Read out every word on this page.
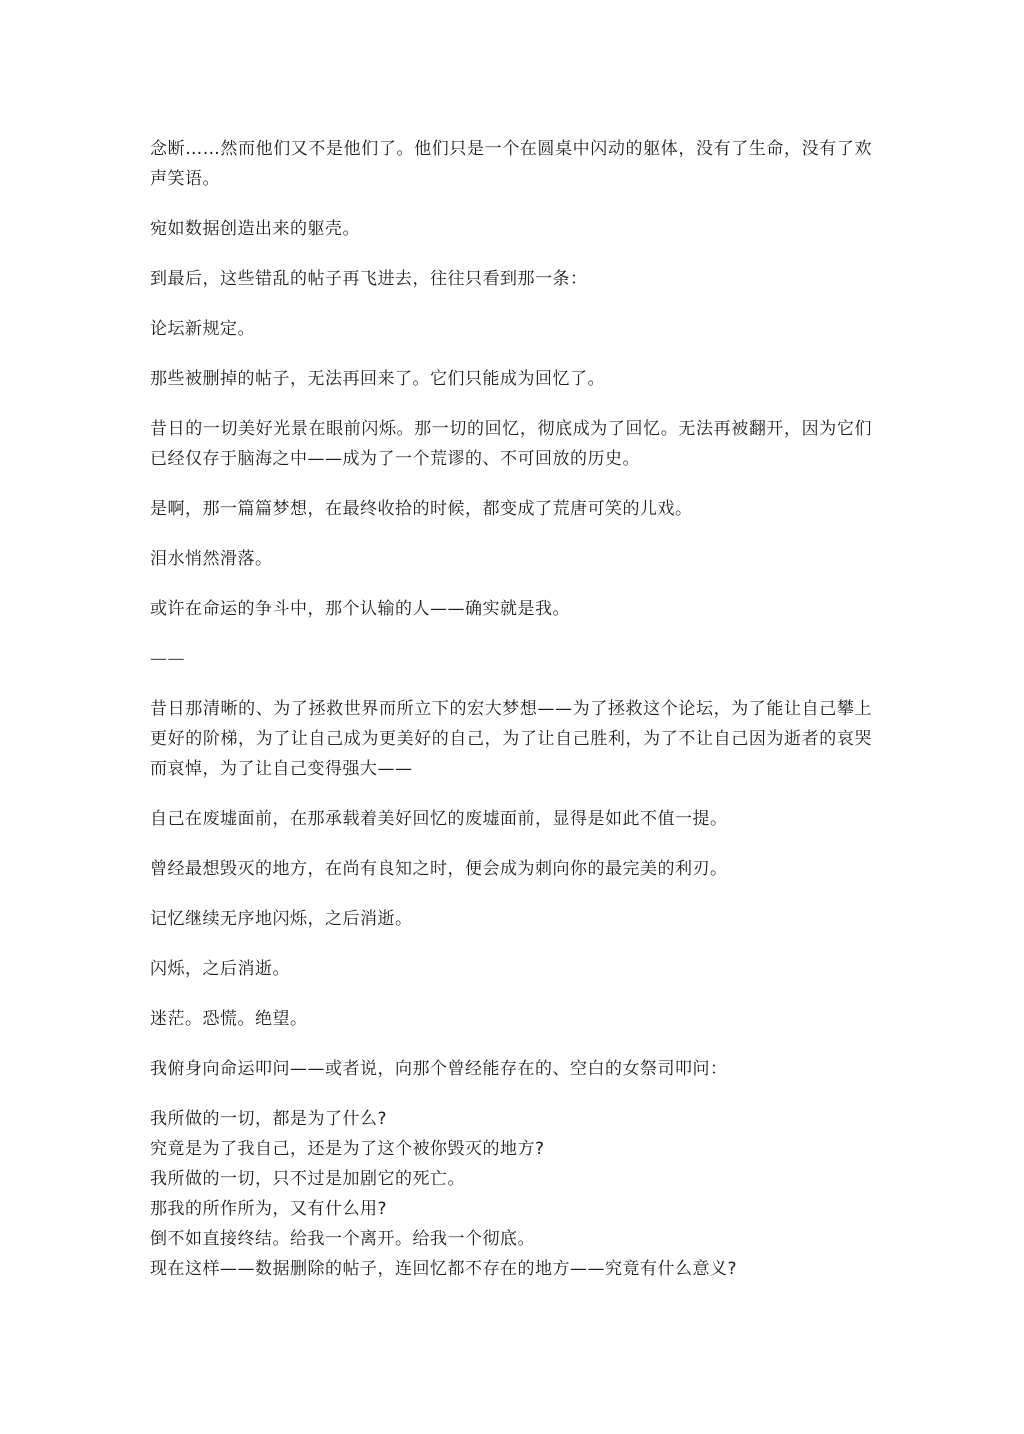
念断……然而他们又不是他们了。他们只是一个在圆桌中闪动的躯体，没有了生命，没有了欢声笑语。

宛如数据创造出来的躯壳。

到最后，这些错乱的帖子再飞进去，往往只看到那一条：

论坛新规定。

那些被删掉的帖子，无法再回来了。它们只能成为回忆了。

昔日的一切美好光景在眼前闪烁。那一切的回忆，彻底成为了回忆。无法再被翻开，因为它们已经仅存于脑海之中——成为了一个荒谬的、不可回放的历史。

是啊，那一篇篇梦想，在最终收拾的时候，都变成了荒唐可笑的儿戏。

泪水悄然滑落。

或许在命运的争斗中，那个认输的人——确实就是我。

——

昔日那清晰的、为了拯救世界而所立下的宏大梦想——为了拯救这个论坛，为了能让自己攀上更好的阶梯，为了让自己成为更美好的自己，为了让自己胜利，为了不让自己因为逝者的哀哭而哀悼，为了让自己变得强大——

自己在废墟面前，在那承载着美好回忆的废墟面前，显得是如此不值一提。

曾经最想毁灭的地方，在尚有良知之时，便会成为刺向你的最完美的利刃。

记忆继续无序地闪烁，之后消逝。

闪烁，之后消逝。

迷茫。恐慌。绝望。

我俯身向命运叩问——或者说，向那个曾经能存在的、空白的女祭司叩问：

我所做的一切，都是为了什么?

究竟是为了我自己，还是为了这个被你毁灭的地方?

我所做的一切，只不过是加剧它的死亡。

那我的所作所为，又有什么用?

倒不如直接终结。给我一个离开。给我一个彻底。

现在这样——数据删除的帖子，连回忆都不存在的地方——究竟有什么意义?
